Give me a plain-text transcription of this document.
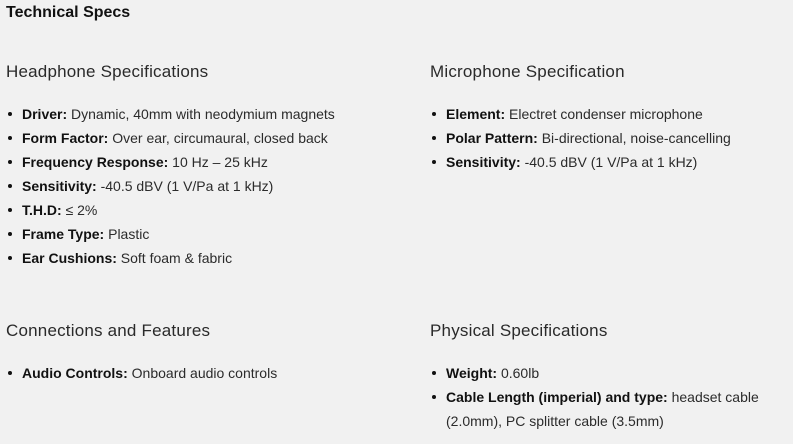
Technical Specs
Headphone Specifications
Driver: Dynamic, 40mm with neodymium magnets
Form Factor: Over ear, circumaural, closed back
Frequency Response: 10 Hz – 25 kHz
Sensitivity: -40.5 dBV (1 V/Pa at 1 kHz)
T.H.D: ≤ 2%
Frame Type: Plastic
Ear Cushions: Soft foam & fabric
Microphone Specification
Element: Electret condenser microphone
Polar Pattern: Bi-directional, noise-cancelling
Sensitivity: -40.5 dBV (1 V/Pa at 1 kHz)
Connections and Features
Audio Controls: Onboard audio controls
Physical Specifications
Weight: 0.60lb
Cable Length (imperial) and type: headset cable (2.0mm), PC splitter cable (3.5mm)
